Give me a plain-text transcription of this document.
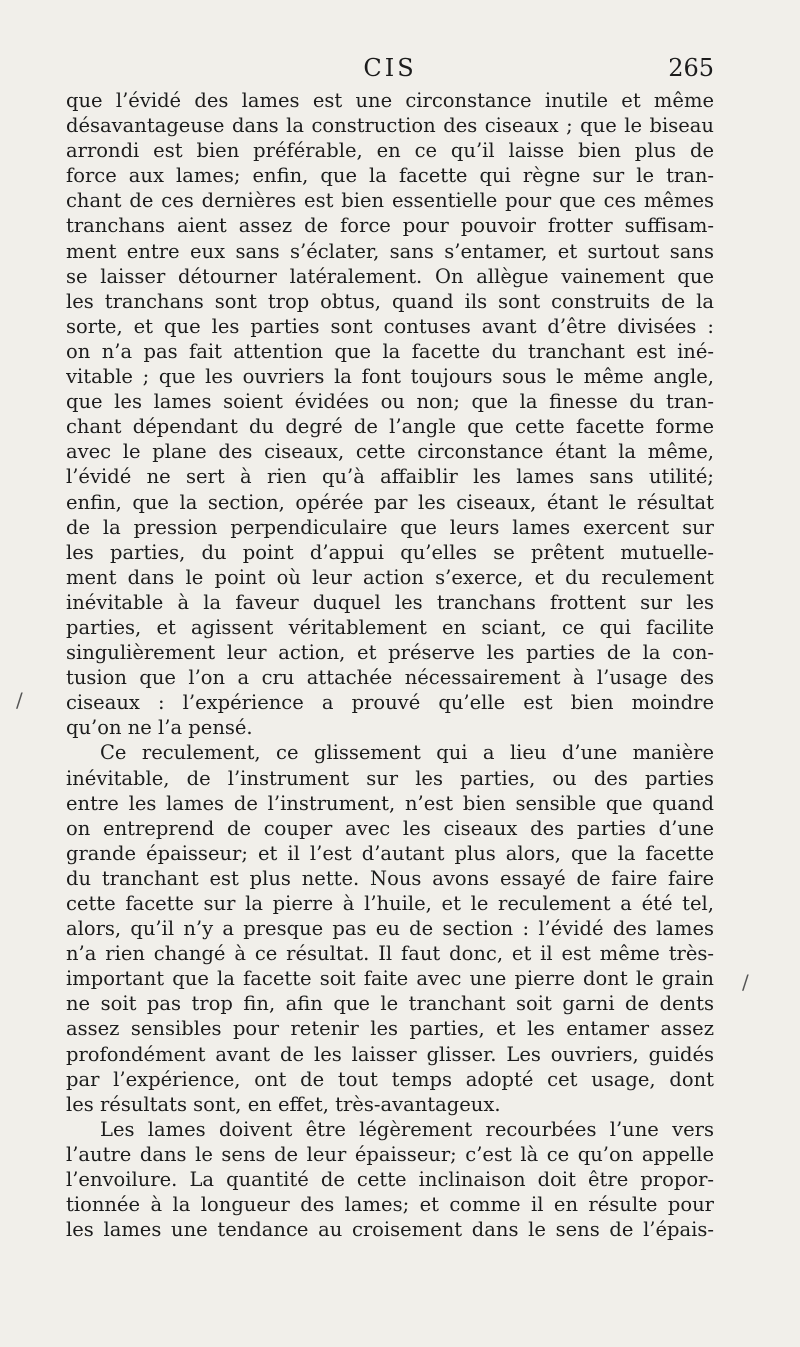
CIS	265
que l’évidé des lames est une circonstance inutile et même
désavantageuse dans la construction des ciseaux ; que le biseau
arrondi est bien préférable, en ce qu’il laisse bien plus de
force aux lames; enfin, que la facette qui règne sur le tran-
chant de ces dernières est bien essentielle pour que ces mêmes
tranchans aient assez de force pour pouvoir frotter suffisam-
ment entre eux sans s’éclater, sans s’entamer, et surtout sans
se laisser détourner latéralement. On allègue vainement que
les tranchans sont trop obtus, quand ils sont construits de la
sorte, et que les parties sont contuses avant d’être divisées :
on n’a pas fait attention que la facette du tranchant est iné-
vitable ; que les ouvriers la font toujours sous le même angle,
que les lames soient évidées ou non; que la finesse du tran-
chant dépendant du degré de l’angle que cette facette forme
avec le plane des ciseaux, cette circonstance étant la même,
l’évidé ne sert à rien qu’à affaiblir les lames sans utilité;
enfin, que la section, opérée par les ciseaux, étant le résultat
de la pression perpendiculaire que leurs lames exercent sur
les parties, du point d’appui qu’elles se prêtent mutuelle-
ment dans le point où leur action s’exerce, et du reculement
inévitable à la faveur duquel les tranchans frottent sur les
parties, et agissent véritablement en sciant, ce qui facilite
singulièrement leur action, et préserve les parties de la con-
tusion que l’on a cru attachée nécessairement à l’usage des
ciseaux : l’expérience a prouvé qu’elle est bien moindre
qu’on ne l’a pensé.
Ce reculement, ce glissement qui a lieu d’une manière
inévitable, de l’instrument sur les parties, ou des parties
entre les lames de l’instrument, n’est bien sensible que quand
on entreprend de couper avec les ciseaux des parties d’une
grande épaisseur; et il l’est d’autant plus alors, que la facette
du tranchant est plus nette. Nous avons essayé de faire faire
cette facette sur la pierre à l’huile, et le reculement a été tel,
alors, qu’il n’y a presque pas eu de section : l’évidé des lames
n’a rien changé à ce résultat. Il faut donc, et il est même très-
important que la facette soit faite avec une pierre dont le grain
ne soit pas trop fin, afin que le tranchant soit garni de dents
assez sensibles pour retenir les parties, et les entamer assez
profondément avant de les laisser glisser. Les ouvriers, guidés
par l’expérience, ont de tout temps adopté cet usage, dont
les résultats sont, en effet, très-avantageux.
Les lames doivent être légèrement recourbées l’une vers
l’autre dans le sens de leur épaisseur; c’est là ce qu’on appelle
l’envoilure. La quantité de cette inclinaison doit être propor-
tionnée à la longueur des lames; et comme il en résulte pour
les lames une tendance au croisement dans le sens de l’épais-
/
/
